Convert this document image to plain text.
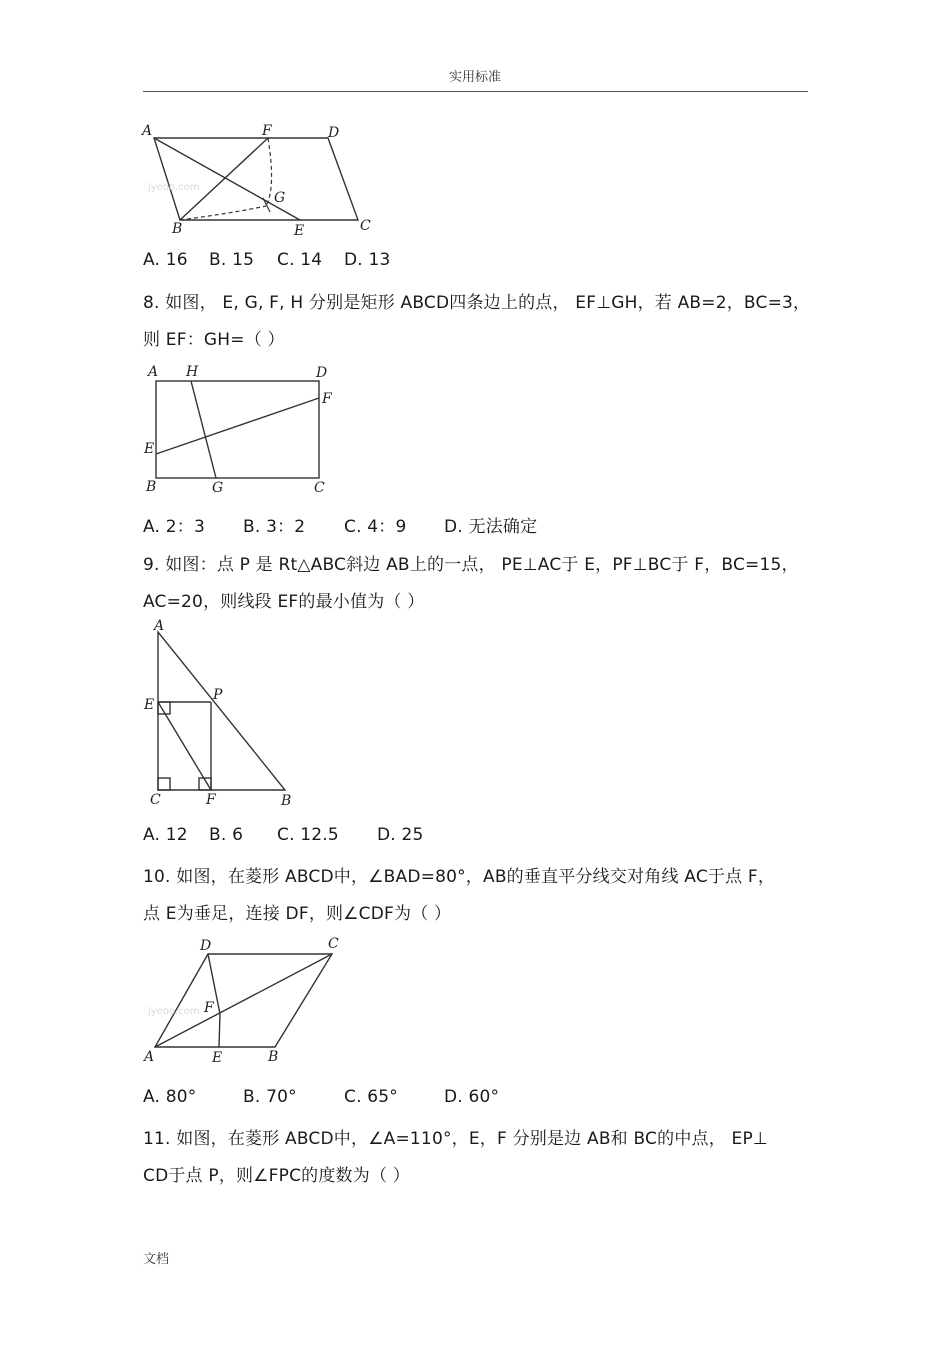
实用标准
jyeoo.com
A	F	D
G
B	E	C
A. 16 B. 15 C. 14 D. 13
8. 如图， E, G, F, H 分别是矩形 ABCD四条边上的点， EF⊥GH，若 AB=2，BC=3，
则 EF：GH=（ ）
A H	D
F
E
B	G	C
A. 2：3 B. 3：2 C. 4：9 D. 无法确定
9. 如图：点 P 是 Rt△ABC斜边 AB上的一点， PE⊥AC于 E，PF⊥BC于 F，BC=15，
AC=20，则线段 EF的最小值为（ ）
A
E
P
C	F	B
A. 12 B. 6 C. 12.5 D. 25
10. 如图，在菱形 ABCD中，∠BAD=80°，AB的垂直平分线交对角线 AC于点 F，
点 E为垂足，连接 DF，则∠CDF为（ ）
jyeoo.com
D	C
F
A	E	B
A. 80°	B. 70°	C. 65°	D. 60°
11. 如图，在菱形 ABCD中，∠A=110°，E，F 分别是边 AB和 BC的中点， EP⊥
CD于点 P，则∠FPC的度数为（ ）
文档
